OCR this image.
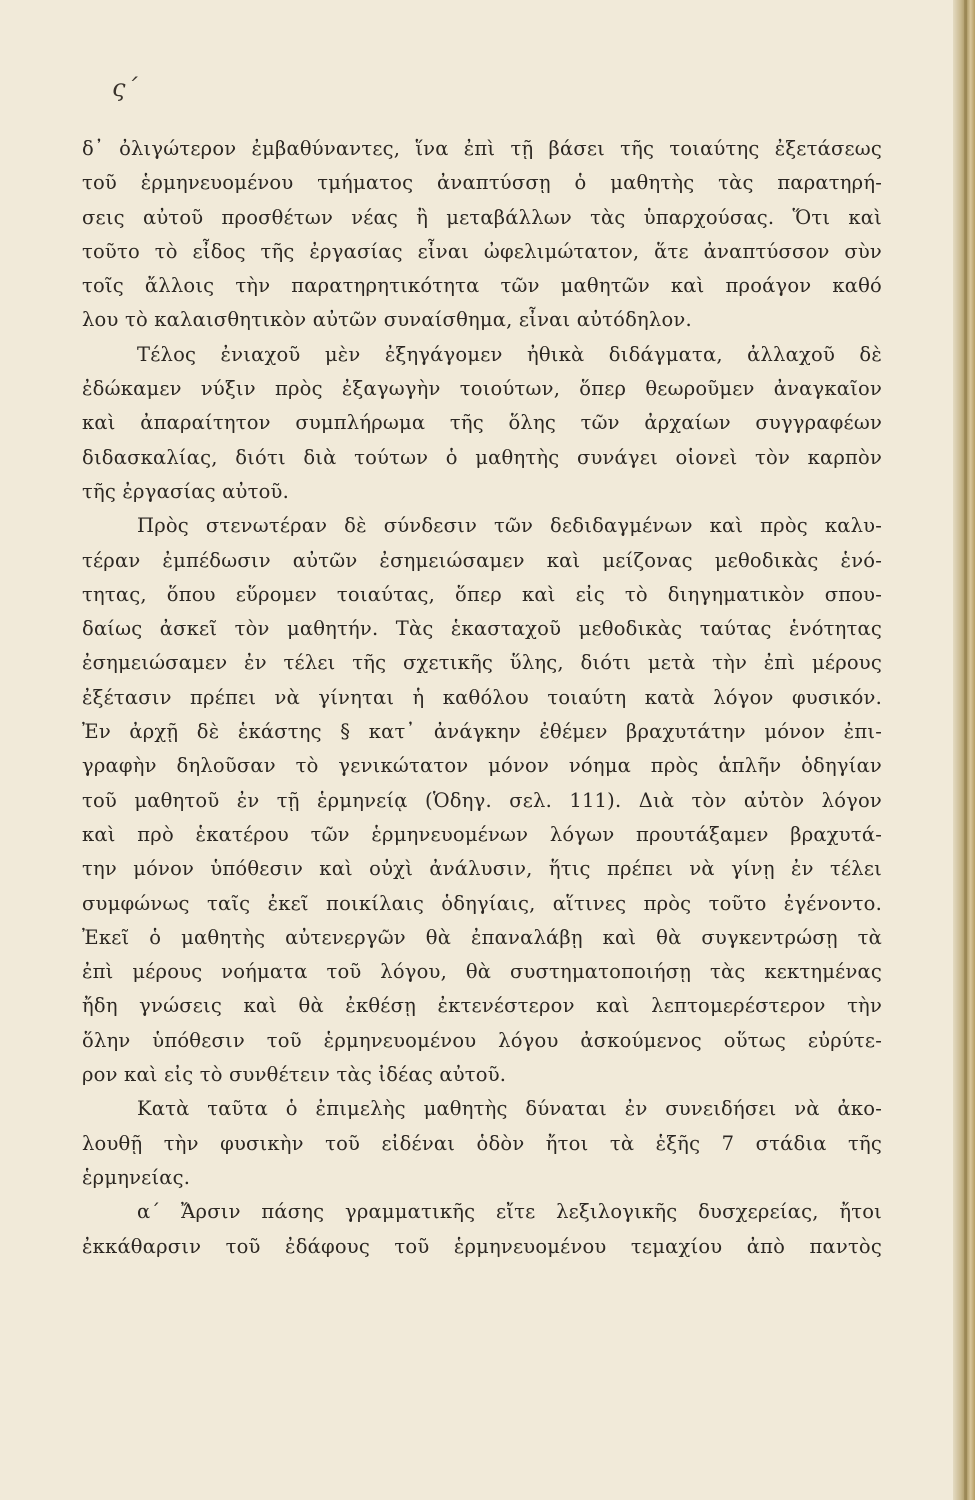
ς´
δ᾽ ὀλιγώτερον ἐμβαθύναντες, ἵνα ἐπὶ τῇ βάσει τῆς τοιαύτης ἐξετάσεως
τοῦ ἑρμηνευομένου τμήματος ἀναπτύσσῃ ὁ μαθητὴς τὰς παρατηρή-
σεις αὐτοῦ προσθέτων νέας ἢ μεταβάλλων τὰς ὑπαρχούσας. Ὅτι καὶ
τοῦτο τὸ εἶδος τῆς ἐργασίας εἶναι ὠφελιμώτατον, ἅτε ἀναπτύσσον σὺν
τοῖς ἄλλοις τὴν παρατηρητικότητα τῶν μαθητῶν καὶ προάγον καθό
λου τὸ καλαισθητικὸν αὐτῶν συναίσθημα, εἶναι αὐτόδηλον.
Τέλος ἐνιαχοῦ μὲν ἐξηγάγομεν ἠθικὰ διδάγματα, ἀλλαχοῦ δὲ
ἐδώκαμεν νύξιν πρὸς ἐξαγωγὴν τοιούτων, ὅπερ θεωροῦμεν ἀναγκαῖον
καὶ ἀπαραίτητον συμπλήρωμα τῆς ὅλης τῶν ἀρχαίων συγγραφέων
διδασκαλίας, διότι διὰ τούτων ὁ μαθητὴς συνάγει οἱονεὶ τὸν καρπὸν
τῆς ἐργασίας αὐτοῦ.
Πρὸς στενωτέραν δὲ σύνδεσιν τῶν δεδιδαγμένων καὶ πρὸς καλυ-
τέραν ἐμπέδωσιν αὐτῶν ἐσημειώσαμεν καὶ μείζονας μεθοδικὰς ἑνό-
τητας, ὅπου εὕρομεν τοιαύτας, ὅπερ καὶ εἰς τὸ διηγηματικὸν σπου-
δαίως ἀσκεῖ τὸν μαθητήν. Τὰς ἑκασταχοῦ μεθοδικὰς ταύτας ἑνότητας
ἐσημειώσαμεν ἐν τέλει τῆς σχετικῆς ὕλης, διότι μετὰ τὴν ἐπὶ μέρους
ἐξέτασιν πρέπει νὰ γίνηται ἡ καθόλου τοιαύτη κατὰ λόγον φυσικόν.
Ἐν ἀρχῇ δὲ ἑκάστης § κατ᾽ ἀνάγκην ἐθέμεν βραχυτάτην μόνον ἐπι-
γραφὴν δηλοῦσαν τὸ γενικώτατον μόνον νόημα πρὸς ἁπλῆν ὁδηγίαν
τοῦ μαθητοῦ ἐν τῇ ἑρμηνείᾳ (Ὁδηγ. σελ. 111). Διὰ τὸν αὐτὸν λόγον
καὶ πρὸ ἑκατέρου τῶν ἑρμηνευομένων λόγων προυτάξαμεν βραχυτά-
την μόνον ὑπόθεσιν καὶ οὐχὶ ἀνάλυσιν, ἥτις πρέπει νὰ γίνῃ ἐν τέλει
συμφώνως ταῖς ἐκεῖ ποικίλαις ὁδηγίαις, αἵτινες πρὸς τοῦτο ἐγένοντο.
Ἐκεῖ ὁ μαθητὴς αὐτενεργῶν θὰ ἐπαναλάβῃ καὶ θὰ συγκεντρώσῃ τὰ
ἐπὶ μέρους νοήματα τοῦ λόγου, θὰ συστηματοποιήσῃ τὰς κεκτημένας
ἤδη γνώσεις καὶ θὰ ἐκθέσῃ ἐκτενέστερον καὶ λεπτομερέστερον τὴν
ὅλην ὑπόθεσιν τοῦ ἑρμηνευομένου λόγου ἀσκούμενος οὕτως εὐρύτε-
ρον καὶ εἰς τὸ συνθέτειν τὰς ἰδέας αὐτοῦ.
Κατὰ ταῦτα ὁ ἐπιμελὴς μαθητὴς δύναται ἐν συνειδήσει νὰ ἀκο-
λουθῇ τὴν φυσικὴν τοῦ εἰδέναι ὁδὸν ἤτοι τὰ ἑξῆς 7 στάδια τῆς
ἑρμηνείας.
α´ Ἄρσιν πάσης γραμματικῆς εἴτε λεξιλογικῆς δυσχερείας, ἤτοι
ἐκκάθαρσιν τοῦ ἐδάφους τοῦ ἑρμηνευομένου τεμαχίου ἀπὸ παντὸς
